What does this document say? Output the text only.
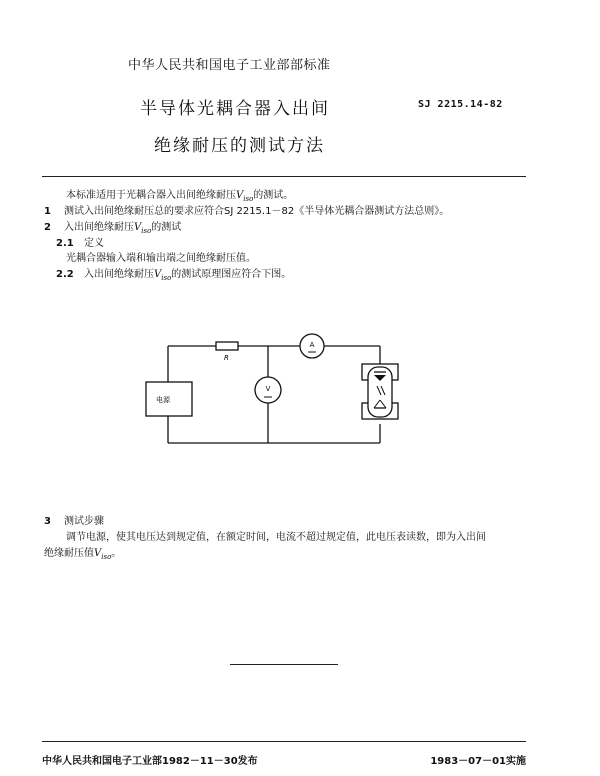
中华人民共和国电子工业部部标准
半导体光耦合器入出间
绝缘耐压的测试方法
SJ 2215.14-82
本标准适用于光耦合器入出间绝缘耐压$V_{iso}$的测试。
1 测试入出间绝缘耐压总的要求应符合SJ 2215.1－82《半导体光耦合器测试方法总则》。
2 入出间绝缘耐压$V_{iso}$的测试
2.1 定义
光耦合器输入端和输出端之间绝缘耐压值。
2.2 入出间绝缘耐压$V_{iso}$的测试原理图应符合下图。
R
A
V
电源
3 测试步骤
调节电源，使其电压达到规定值，在额定时间，电流不超过规定值，此电压表读数，即为入出间
绝缘耐压值$V_{iso}$。
中华人民共和国电子工业部1982－11－30发布	1983－07－01实施
